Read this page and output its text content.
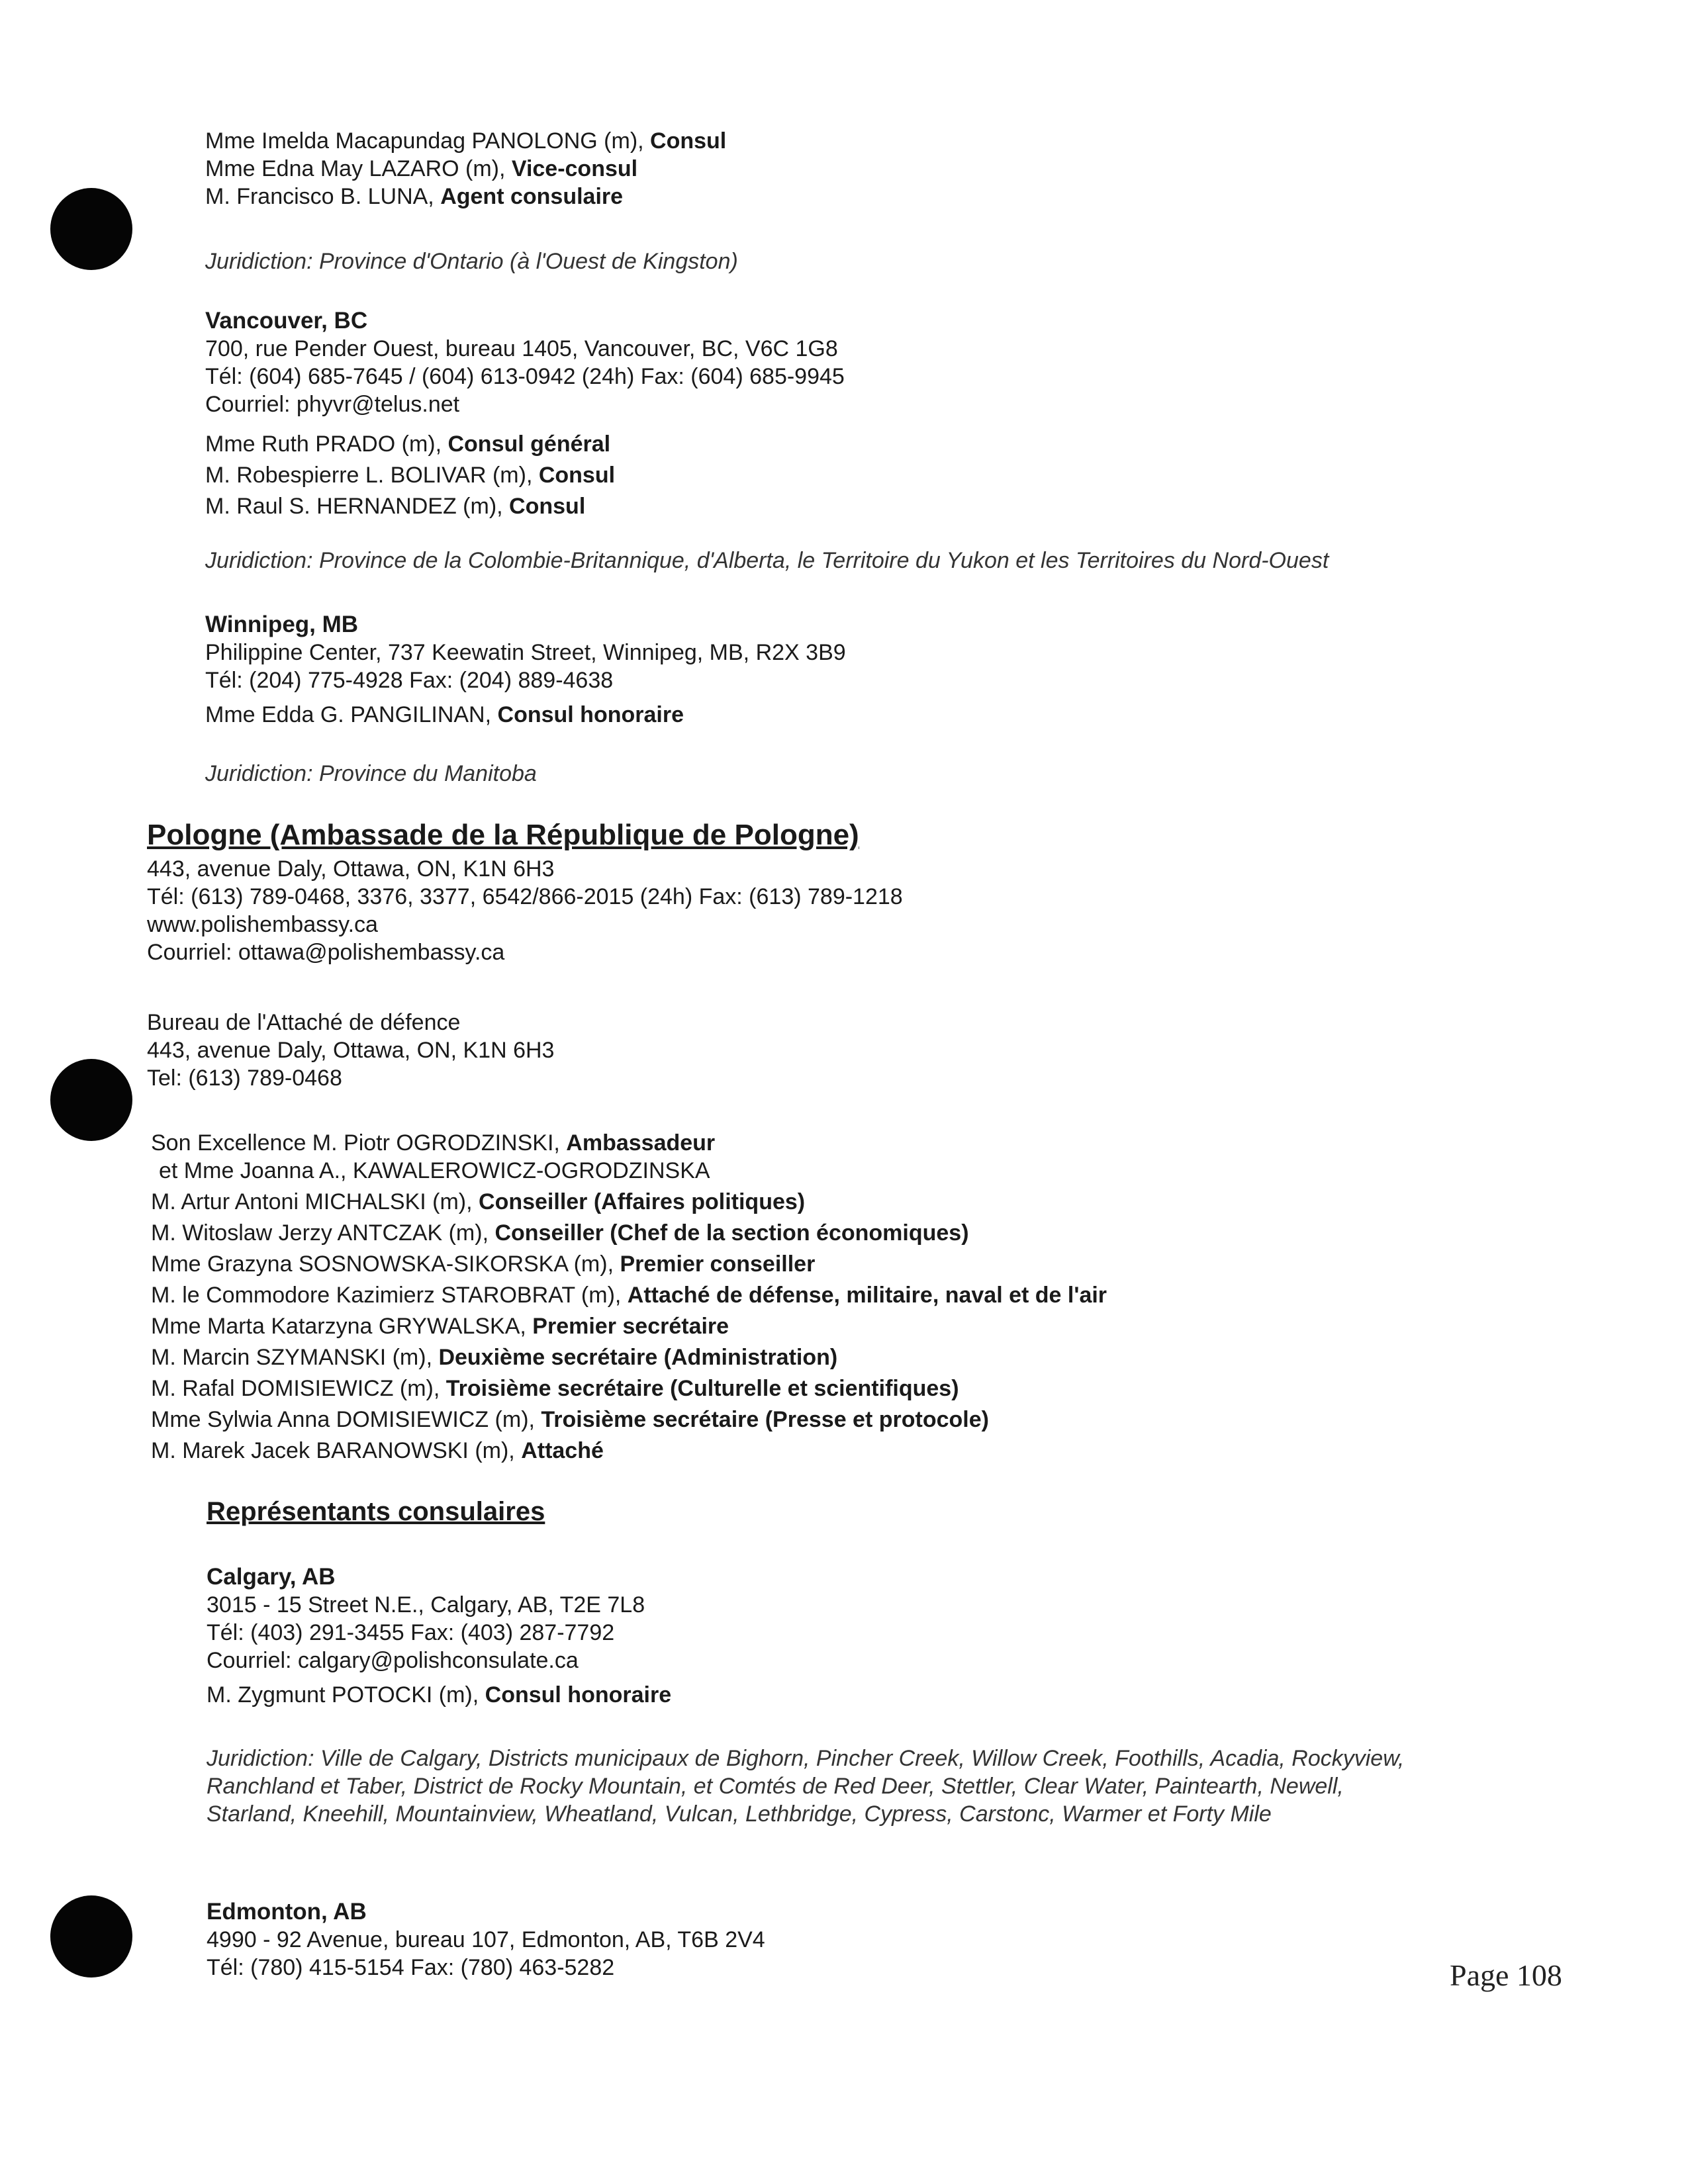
Mme Imelda Macapundag PANOLONG (m), Consul
Mme Edna May LAZARO (m), Vice-consul
M. Francisco B. LUNA, Agent consulaire
Juridiction: Province d'Ontario (à l'Ouest de Kingston)
Vancouver, BC
700, rue Pender Ouest, bureau 1405, Vancouver, BC, V6C 1G8
Tél: (604) 685-7645 / (604) 613-0942 (24h) Fax: (604) 685-9945
Courriel: phyvr@telus.net
Mme Ruth PRADO (m), Consul général
M. Robespierre L. BOLIVAR (m), Consul
M. Raul S. HERNANDEZ (m), Consul
Juridiction: Province de la Colombie-Britannique, d'Alberta, le Territoire du Yukon et les Territoires du Nord-Ouest
Winnipeg, MB
Philippine Center, 737 Keewatin Street, Winnipeg, MB, R2X 3B9
Tél: (204) 775-4928 Fax: (204) 889-4638
Mme Edda G. PANGILINAN, Consul honoraire
Juridiction: Province du Manitoba
Pologne (Ambassade de la République de Pologne)
443, avenue Daly, Ottawa, ON, K1N 6H3
Tél: (613) 789-0468, 3376, 3377, 6542/866-2015 (24h) Fax: (613) 789-1218
www.polishembassy.ca
Courriel: ottawa@polishembassy.ca
Bureau de l'Attaché de défence
443, avenue Daly, Ottawa, ON, K1N 6H3
Tel: (613) 789-0468
Son Excellence M. Piotr OGRODZINSKI, Ambassadeur
et Mme Joanna A., KAWALEROWICZ-OGRODZINSKA
M. Artur Antoni MICHALSKI (m), Conseiller (Affaires politiques)
M. Witoslaw Jerzy ANTCZAK (m), Conseiller (Chef de la section économiques)
Mme Grazyna SOSNOWSKA-SIKORSKA (m), Premier conseiller
M. le Commodore Kazimierz STAROBRAT (m), Attaché de défense, militaire, naval et de l'air
Mme Marta Katarzyna GRYWALSKA, Premier secrétaire
M. Marcin SZYMANSKI (m), Deuxième secrétaire (Administration)
M. Rafal DOMISIEWICZ (m), Troisième secrétaire (Culturelle et scientifiques)
Mme Sylwia Anna DOMISIEWICZ (m), Troisième secrétaire (Presse et protocole)
M. Marek Jacek BARANOWSKI (m), Attaché
Représentants consulaires
Calgary, AB
3015 - 15 Street N.E., Calgary, AB, T2E 7L8
Tél: (403) 291-3455 Fax: (403) 287-7792
Courriel: calgary@polishconsulate.ca
M. Zygmunt POTOCKI (m), Consul honoraire
Juridiction: Ville de Calgary, Districts municipaux de Bighorn, Pincher Creek, Willow Creek, Foothills, Acadia, Rockyview,
Ranchland et Taber, District de Rocky Mountain, et Comtés de Red Deer, Stettler, Clear Water, Paintearth, Newell,
Starland, Kneehill, Mountainview, Wheatland, Vulcan, Lethbridge, Cypress, Carstonc, Warmer et Forty Mile
Edmonton, AB
4990 - 92 Avenue, bureau 107, Edmonton, AB, T6B 2V4
Tél: (780) 415-5154 Fax: (780) 463-5282	Page 108
